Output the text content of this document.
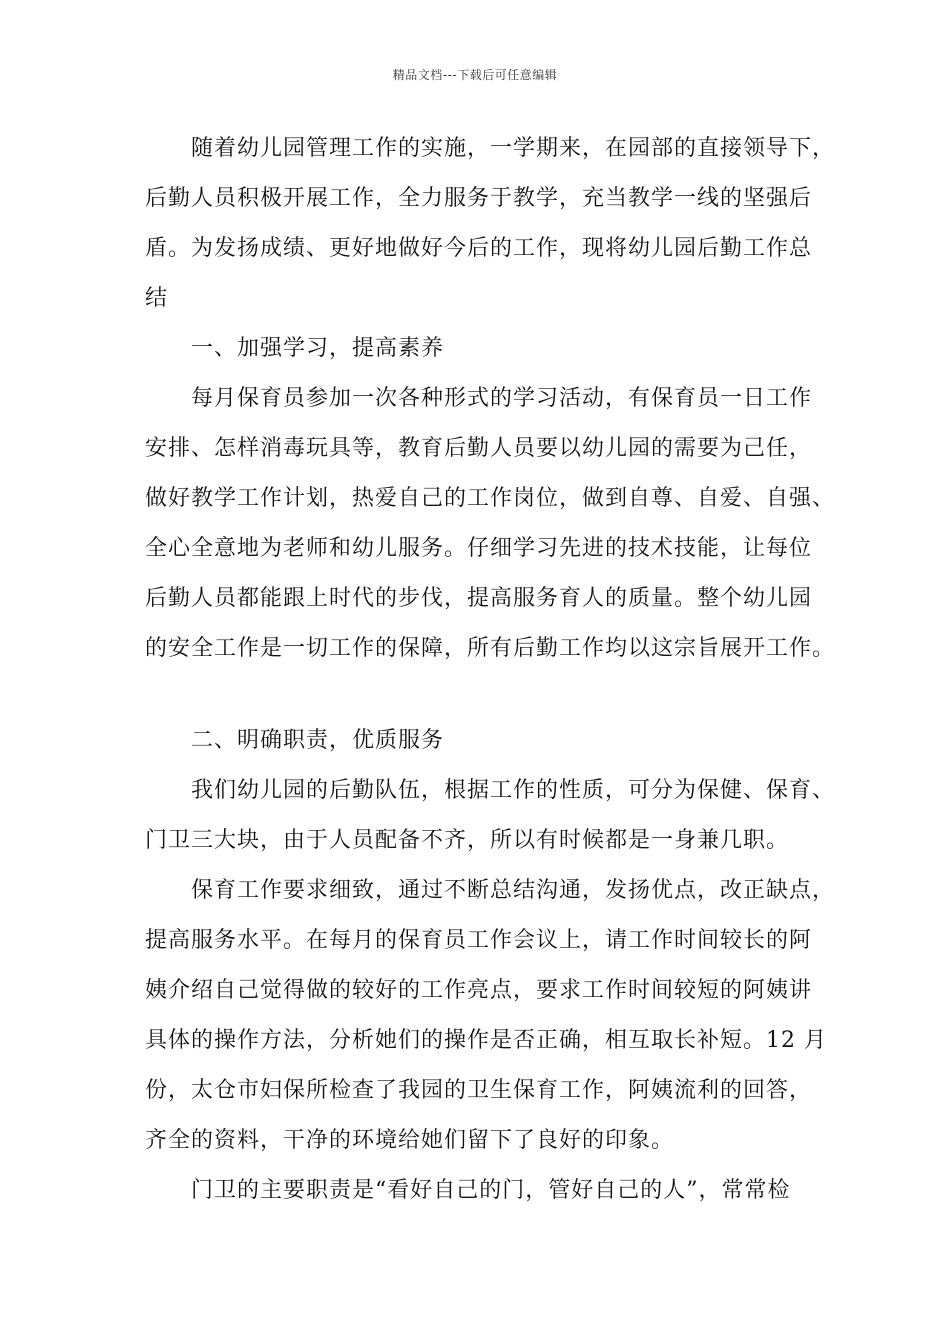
精品文档---下载后可任意编辑
随着幼儿园管理工作的实施，一学期来，在园部的直接领导下，
后勤人员积极开展工作，全力服务于教学，充当教学一线的坚强后
盾。为发扬成绩、更好地做好今后的工作，现将幼儿园后勤工作总
结
一、加强学习，提高素养
每月保育员参加一次各种形式的学习活动，有保育员一日工作
安排、怎样消毒玩具等，教育后勤人员要以幼儿园的需要为己任，
做好教学工作计划，热爱自己的工作岗位，做到自尊、自爱、自强、
全心全意地为老师和幼儿服务。仔细学习先进的技术技能，让每位
后勤人员都能跟上时代的步伐，提高服务育人的质量。整个幼儿园
的安全工作是一切工作的保障，所有后勤工作均以这宗旨展开工作。
二、明确职责，优质服务
我们幼儿园的后勤队伍，根据工作的性质，可分为保健、保育、
门卫三大块，由于人员配备不齐，所以有时候都是一身兼几职。
保育工作要求细致，通过不断总结沟通，发扬优点，改正缺点，
提高服务水平。在每月的保育员工作会议上，请工作时间较长的阿
姨介绍自己觉得做的较好的工作亮点，要求工作时间较短的阿姨讲
具体的操作方法，分析她们的操作是否正确，相互取长补短。12 月
份，太仓市妇保所检查了我园的卫生保育工作，阿姨流利的回答，
齐全的资料，干净的环境给她们留下了良好的印象。
门卫的主要职责是“看好自己的门，管好自己的人”，常常检
